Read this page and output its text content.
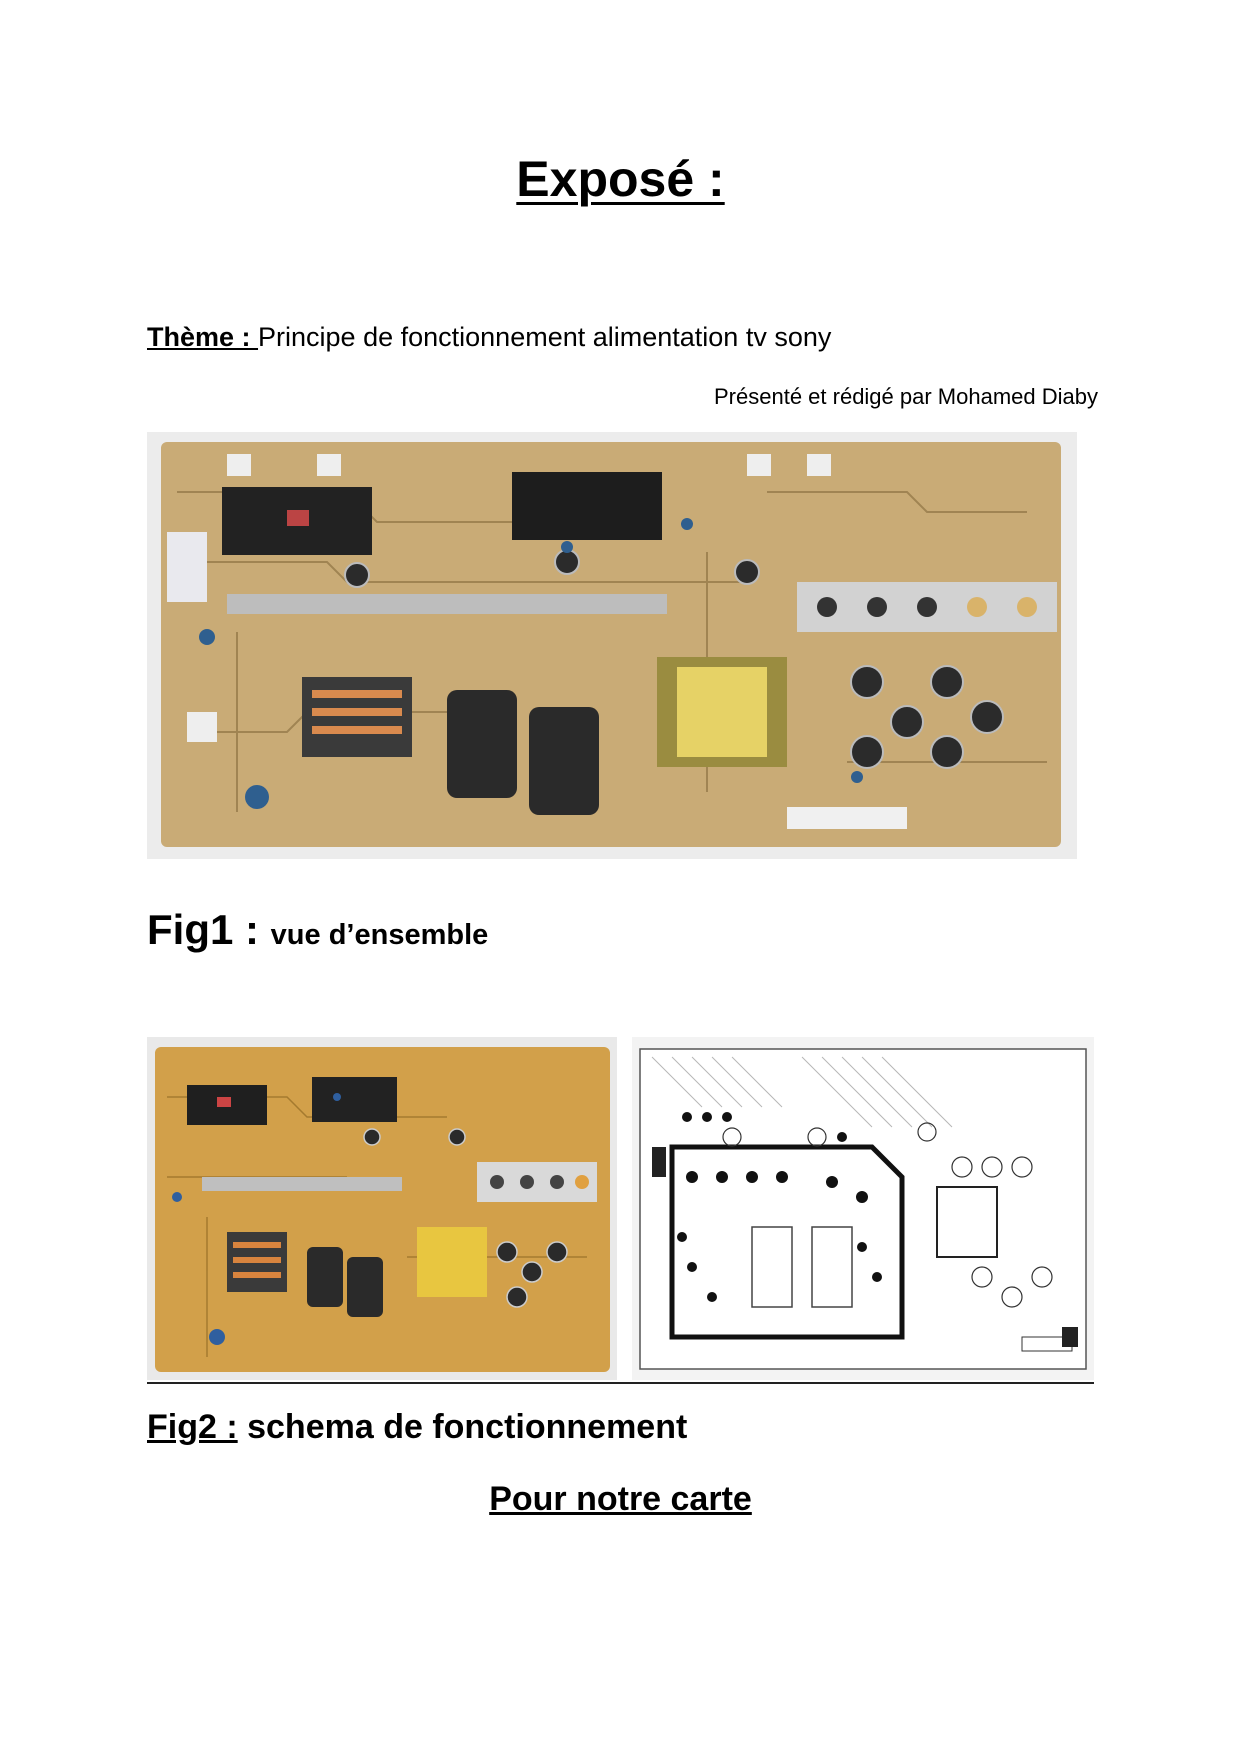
Exposé :
Thème : Principe de fonctionnement alimentation tv sony
Présenté et rédigé par Mohamed Diaby
Fig1 : vue d’ensemble
Fig2 : schema de fonctionnement
Pour notre carte
